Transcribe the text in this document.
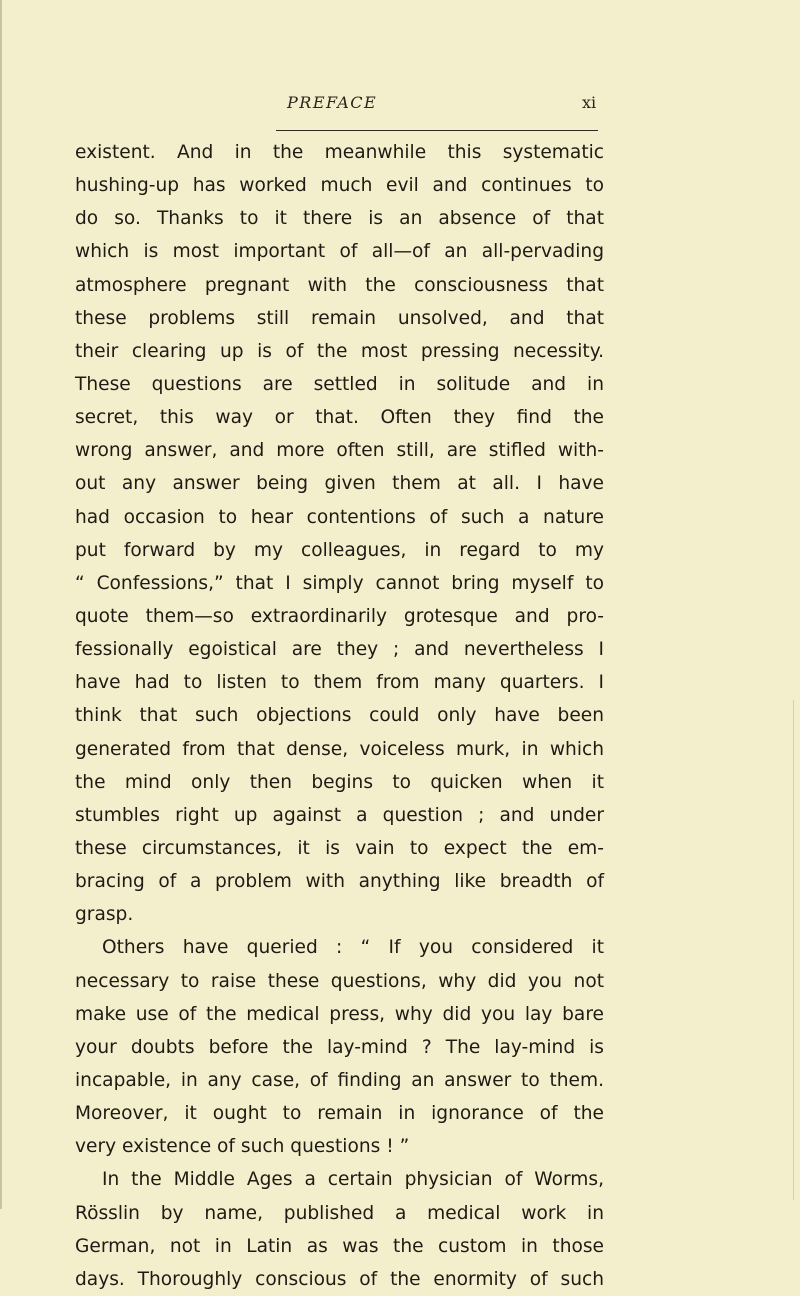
PREFACE	xi
existent. And in the meanwhile this systematic
hushing-up has worked much evil and continues to
do so. Thanks to it there is an absence of that
which is most important of all—of an all-pervading
atmosphere pregnant with the consciousness that
these problems still remain unsolved, and that
their clearing up is of the most pressing necessity.
These questions are settled in solitude and in
secret, this way or that. Often they find the
wrong answer, and more often still, are stifled with-
out any answer being given them at all. I have
had occasion to hear contentions of such a nature
put forward by my colleagues, in regard to my
“ Confessions,” that I simply cannot bring myself to
quote them—so extraordinarily grotesque and pro-
fessionally egoistical are they ; and nevertheless I
have had to listen to them from many quarters. I
think that such objections could only have been
generated from that dense, voiceless murk, in which
the mind only then begins to quicken when it
stumbles right up against a question ; and under
these circumstances, it is vain to expect the em-
bracing of a problem with anything like breadth of
grasp.
Others have queried : “ If you considered it
necessary to raise these questions, why did you not
make use of the medical press, why did you lay bare
your doubts before the lay-mind ? The lay-mind is
incapable, in any case, of finding an answer to them.
Moreover, it ought to remain in ignorance of the
very existence of such questions ! ”
In the Middle Ages a certain physician of Worms,
Rösslin by name, published a medical work in
German, not in Latin as was the custom in those
days. Thoroughly conscious of the enormity of such
